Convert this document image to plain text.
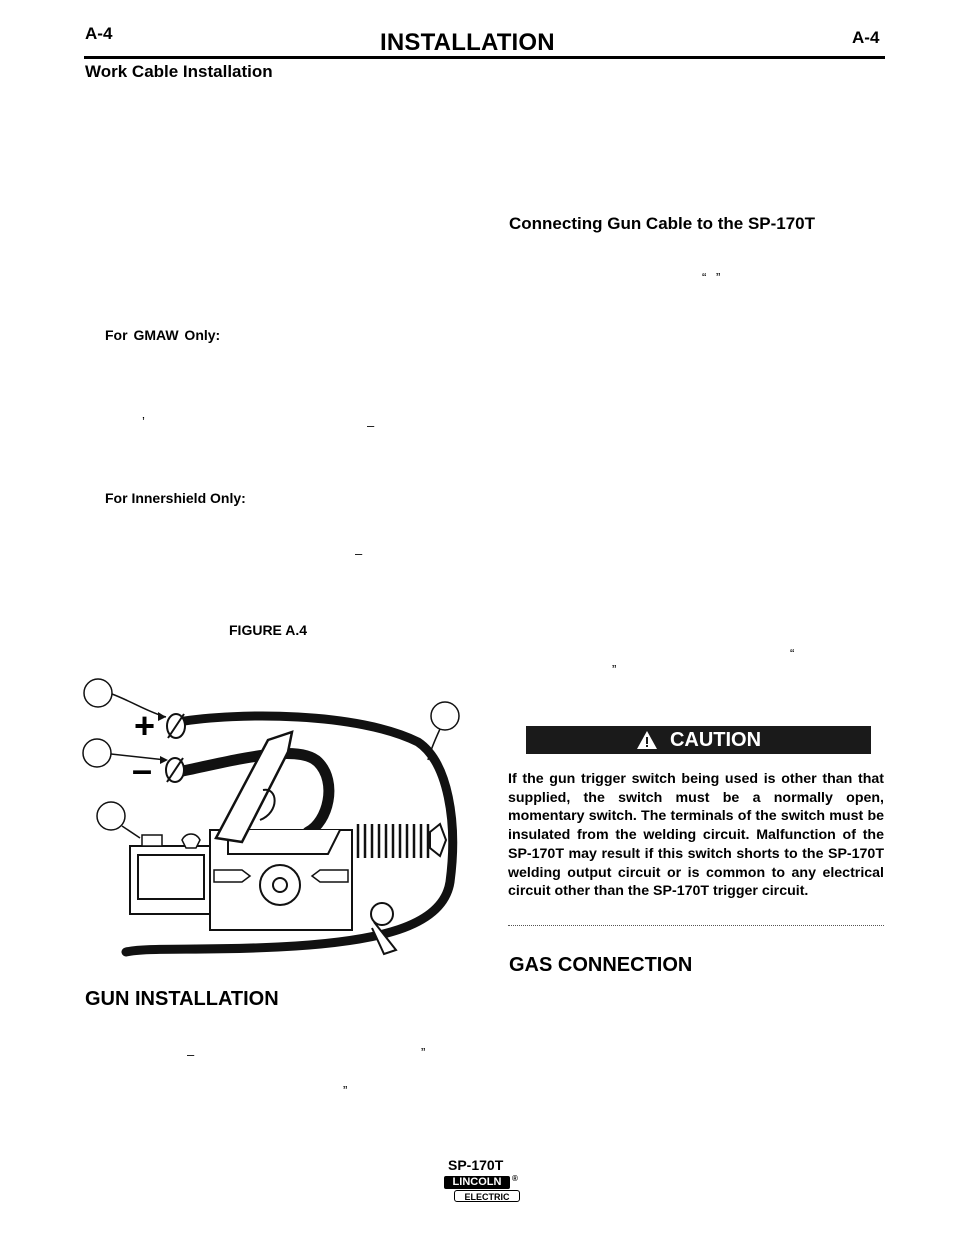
A-4	INSTALLATION	A-4
Work Cable Installation
For GMAW Only:
’	–
For Innershield Only:
–
FIGURE A.4
+
–
GUN INSTALLATION
–	”
”
Connecting Gun Cable to the SP-170T
“ ”
“
”
CAUTION
If the gun trigger switch being used is other than that supplied, the switch must be a normally open, momentary switch. The terminals of the switch must be insulated from the welding circuit. Malfunction of the SP-170T may result if this switch shorts to the SP-170T welding output circuit or is common to any electrical circuit other than the SP-170T trigger circuit.
GAS CONNECTION
SP-170T
LINCOLN	®
ELECTRIC
